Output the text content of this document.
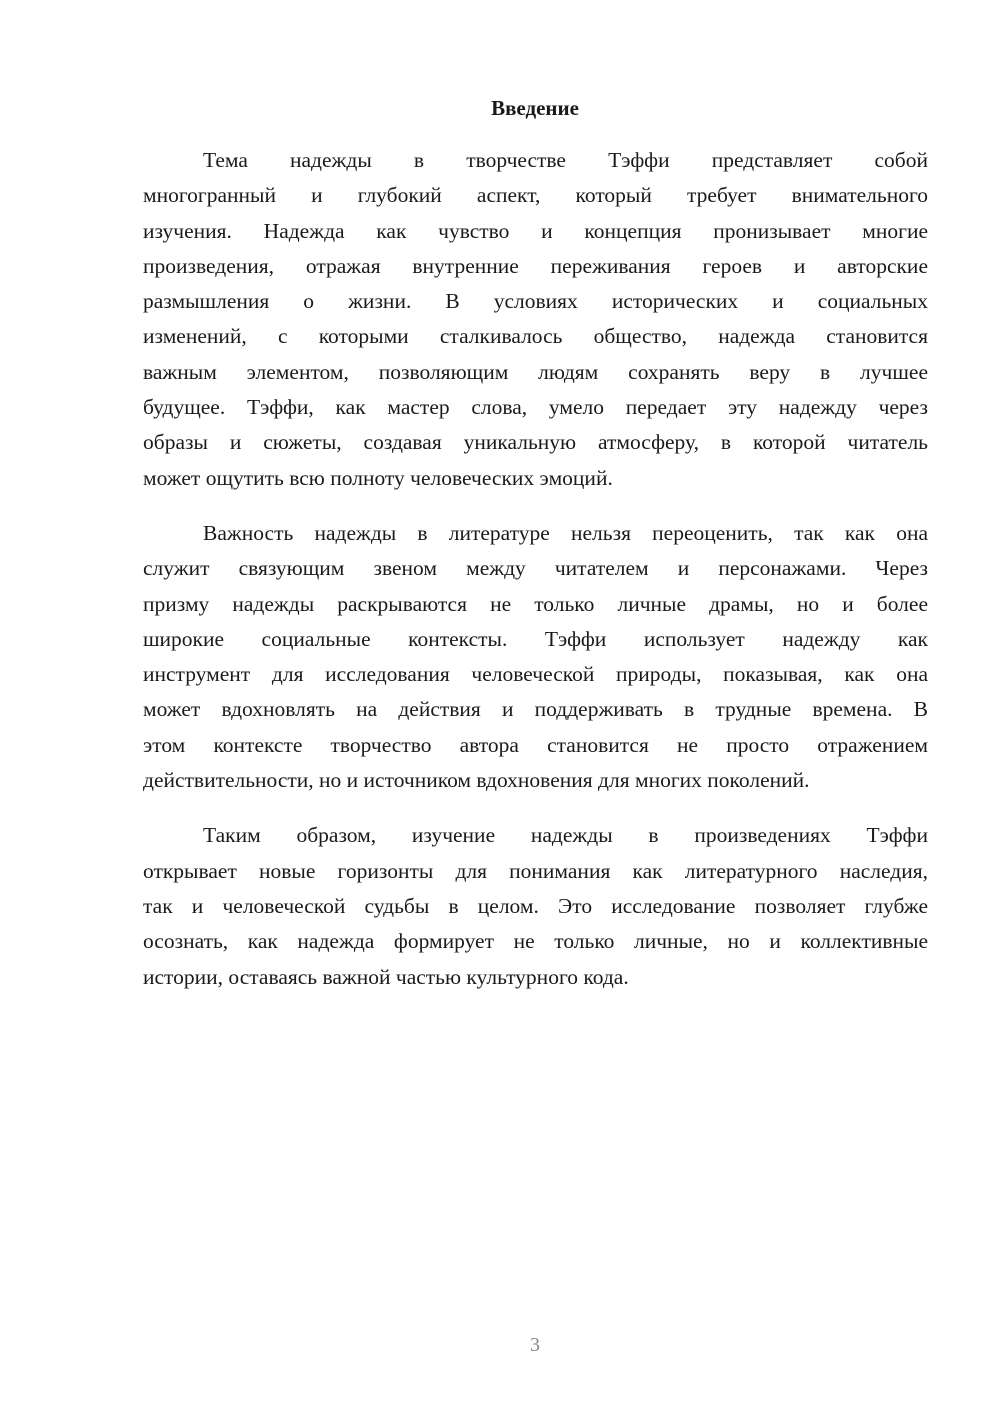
Введение
Тема надежды в творчестве Тэффи представляет собой
многогранный и глубокий аспект, который требует внимательного
изучения. Надежда как чувство и концепция пронизывает многие
произведения, отражая внутренние переживания героев и авторские
размышления о жизни. В условиях исторических и социальных
изменений, с которыми сталкивалось общество, надежда становится
важным элементом, позволяющим людям сохранять веру в лучшее
будущее. Тэффи, как мастер слова, умело передает эту надежду через
образы и сюжеты, создавая уникальную атмосферу, в которой читатель
может ощутить всю полноту человеческих эмоций.
Важность надежды в литературе нельзя переоценить, так как она
служит связующим звеном между читателем и персонажами. Через
призму надежды раскрываются не только личные драмы, но и более
широкие социальные контексты. Тэффи использует надежду как
инструмент для исследования человеческой природы, показывая, как она
может вдохновлять на действия и поддерживать в трудные времена. В
этом контексте творчество автора становится не просто отражением
действительности, но и источником вдохновения для многих поколений.
Таким образом, изучение надежды в произведениях Тэффи
открывает новые горизонты для понимания как литературного наследия,
так и человеческой судьбы в целом. Это исследование позволяет глубже
осознать, как надежда формирует не только личные, но и коллективные
истории, оставаясь важной частью культурного кода.
3
